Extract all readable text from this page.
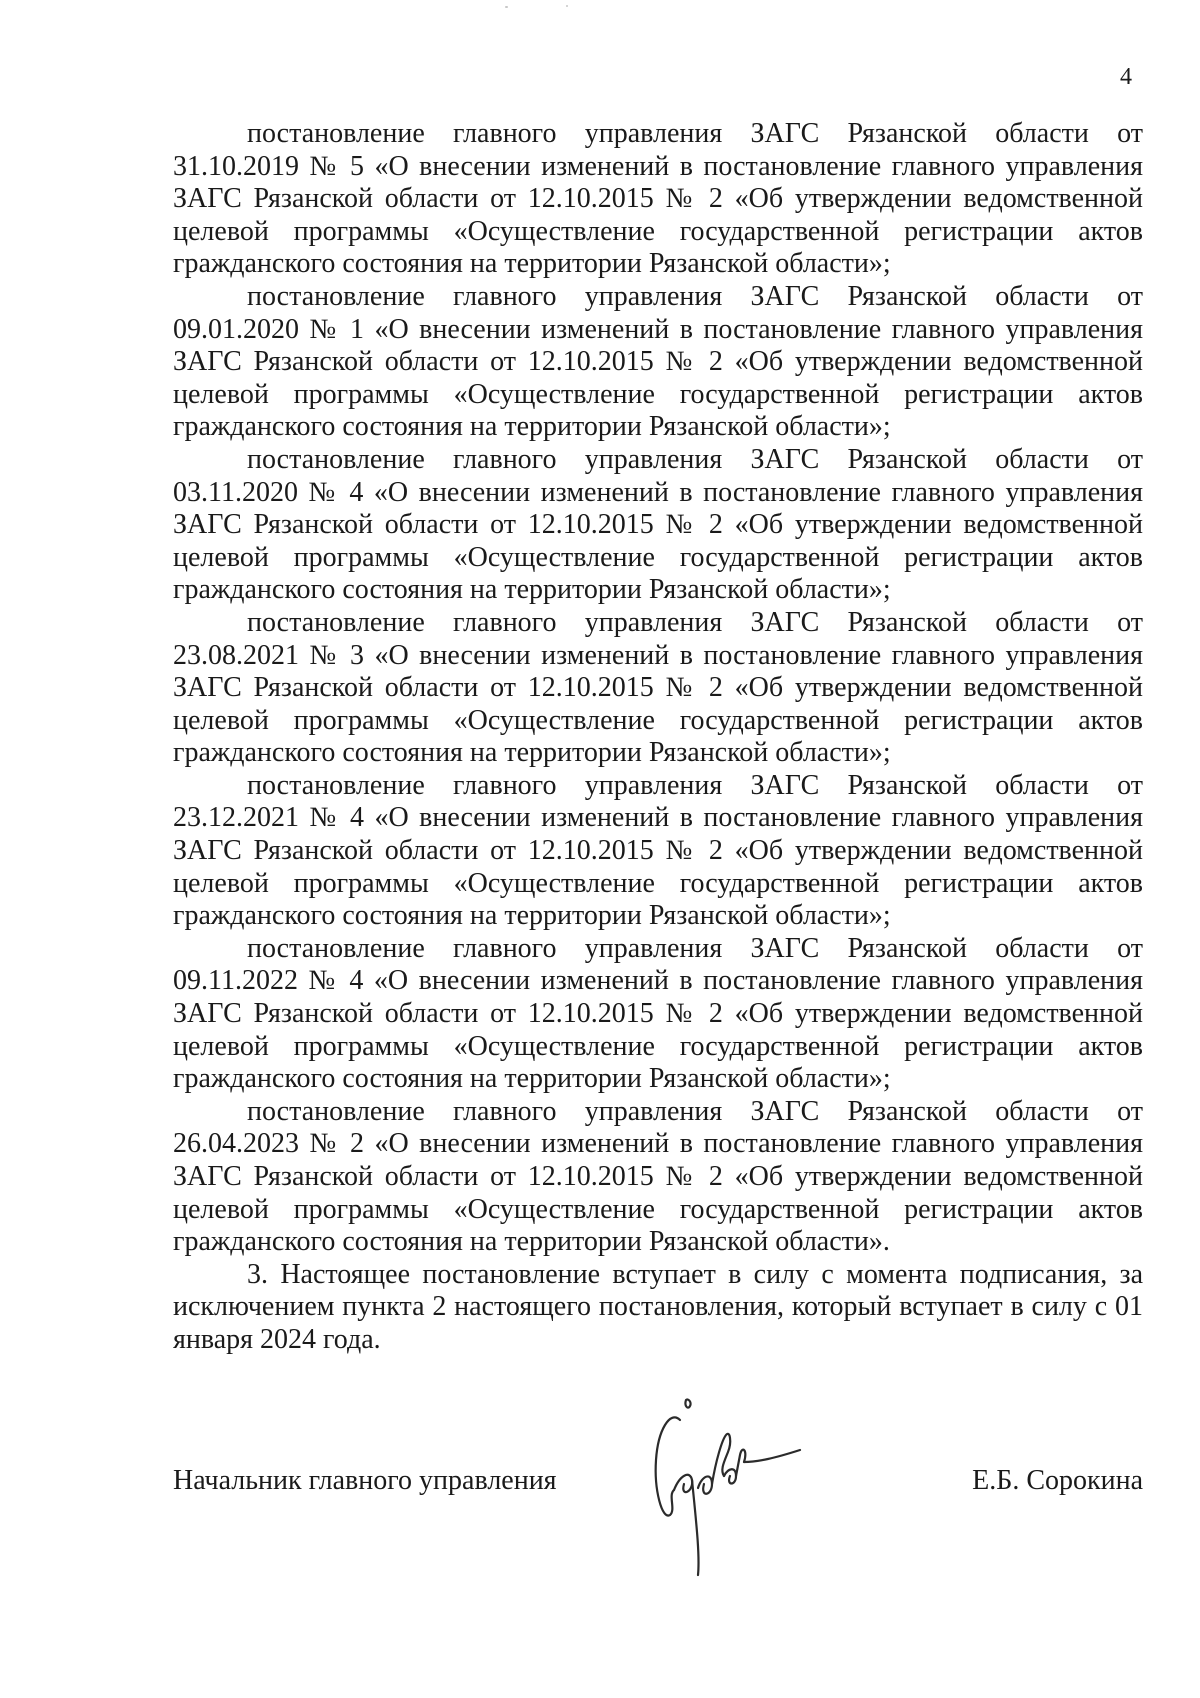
4

постановление главного управления ЗАГС Рязанской области от 31.10.2019 № 5 «О внесении изменений в постановление главного управления ЗАГС Рязанской области от 12.10.2015 № 2 «Об утверждении ведомственной целевой программы «Осуществление государственной регистрации актов гражданского состояния на территории Рязанской области»;

постановление главного управления ЗАГС Рязанской области от 09.01.2020 № 1 «О внесении изменений в постановление главного управления ЗАГС Рязанской области от 12.10.2015 № 2 «Об утверждении ведомственной целевой программы «Осуществление государственной регистрации актов гражданского состояния на территории Рязанской области»;

постановление главного управления ЗАГС Рязанской области от 03.11.2020 № 4 «О внесении изменений в постановление главного управления ЗАГС Рязанской области от 12.10.2015 № 2 «Об утверждении ведомственной целевой программы «Осуществление государственной регистрации актов гражданского состояния на территории Рязанской области»;

постановление главного управления ЗАГС Рязанской области от 23.08.2021 № 3 «О внесении изменений в постановление главного управления ЗАГС Рязанской области от 12.10.2015 № 2 «Об утверждении ведомственной целевой программы «Осуществление государственной регистрации актов гражданского состояния на территории Рязанской области»;

постановление главного управления ЗАГС Рязанской области от 23.12.2021 № 4 «О внесении изменений в постановление главного управления ЗАГС Рязанской области от 12.10.2015 № 2 «Об утверждении ведомственной целевой программы «Осуществление государственной регистрации актов гражданского состояния на территории Рязанской области»;

постановление главного управления ЗАГС Рязанской области от 09.11.2022 № 4 «О внесении изменений в постановление главного управления ЗАГС Рязанской области от 12.10.2015 № 2 «Об утверждении ведомственной целевой программы «Осуществление государственной регистрации актов гражданского состояния на территории Рязанской области»;

постановление главного управления ЗАГС Рязанской области от 26.04.2023 № 2 «О внесении изменений в постановление главного управления ЗАГС Рязанской области от 12.10.2015 № 2 «Об утверждении ведомственной целевой программы «Осуществление государственной регистрации актов гражданского состояния на территории Рязанской области».

3. Настоящее постановление вступает в силу с момента подписания, за исключением пункта 2 настоящего постановления, который вступает в силу с 01 января 2024 года.

Начальник главного управления	Е.Б. Сорокина
